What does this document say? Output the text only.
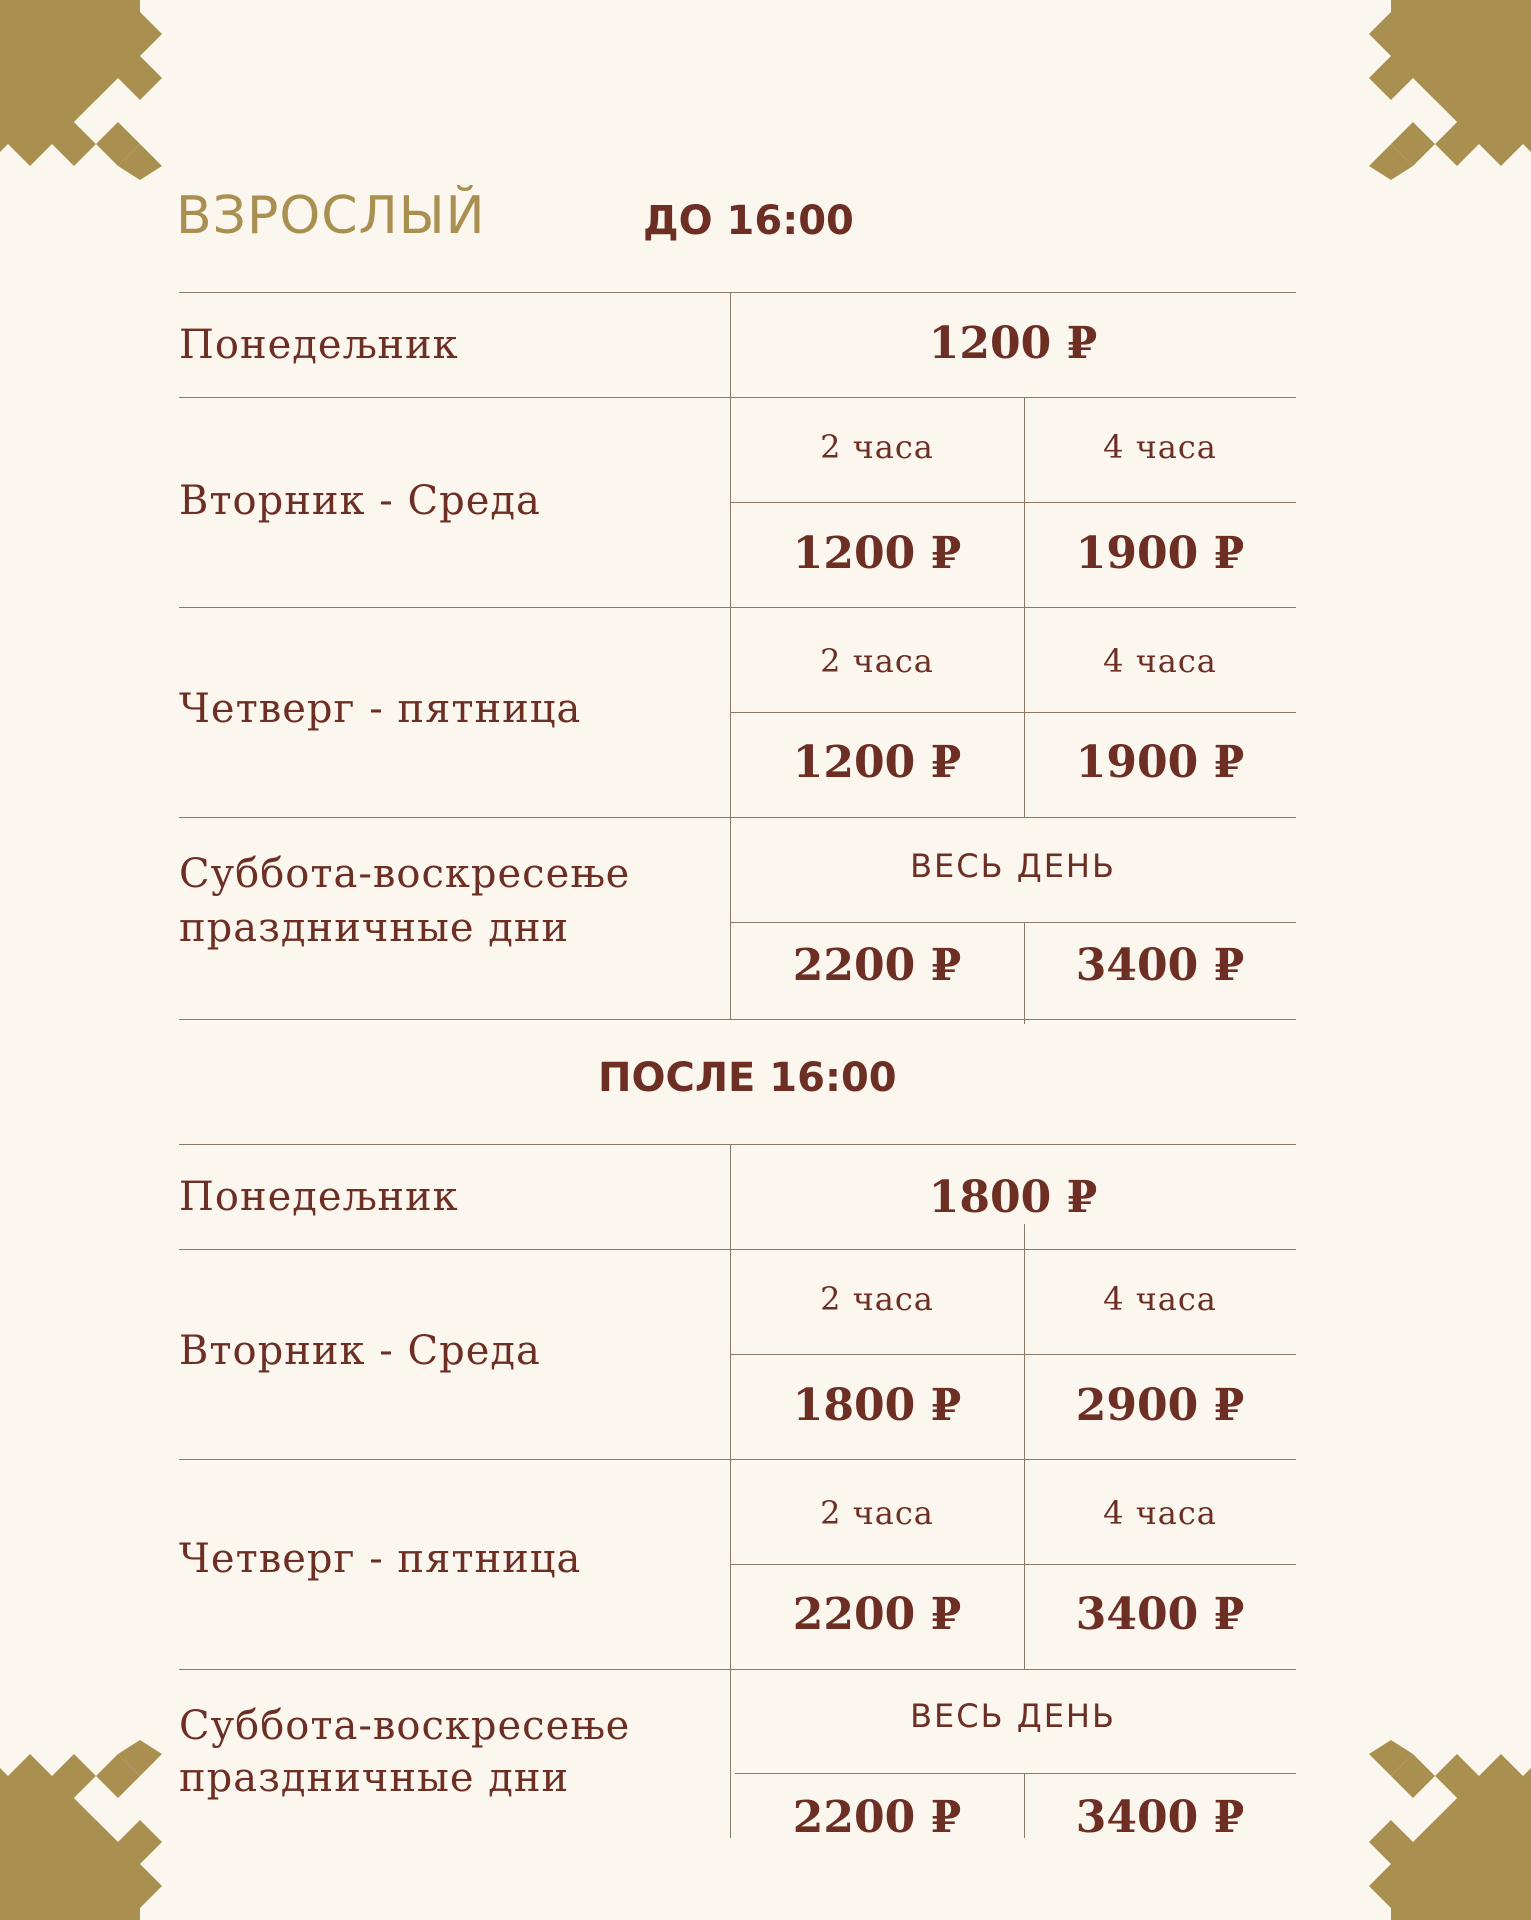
ВЗРОСЛЫЙ	ДО 16:00
ПОСЛЕ 16:00
Понедељник	1200 ₽
Вторник - Среда
2 часа	4 часа
1200 ₽	1900 ₽
Четверг - пятница
2 часа	4 часа
1200 ₽	1900 ₽
Суббота-воскресење
праздничные дни
ВЕСЬ ДЕНЬ
2200 ₽	3400 ₽
Понедељник	1800 ₽
Вторник - Среда
2 часа	4 часа
1800 ₽	2900 ₽
Четверг - пятница
2 часа	4 часа
2200 ₽	3400 ₽
Суббота-воскресење
праздничные дни
ВЕСЬ ДЕНЬ
2200 ₽	3400 ₽
